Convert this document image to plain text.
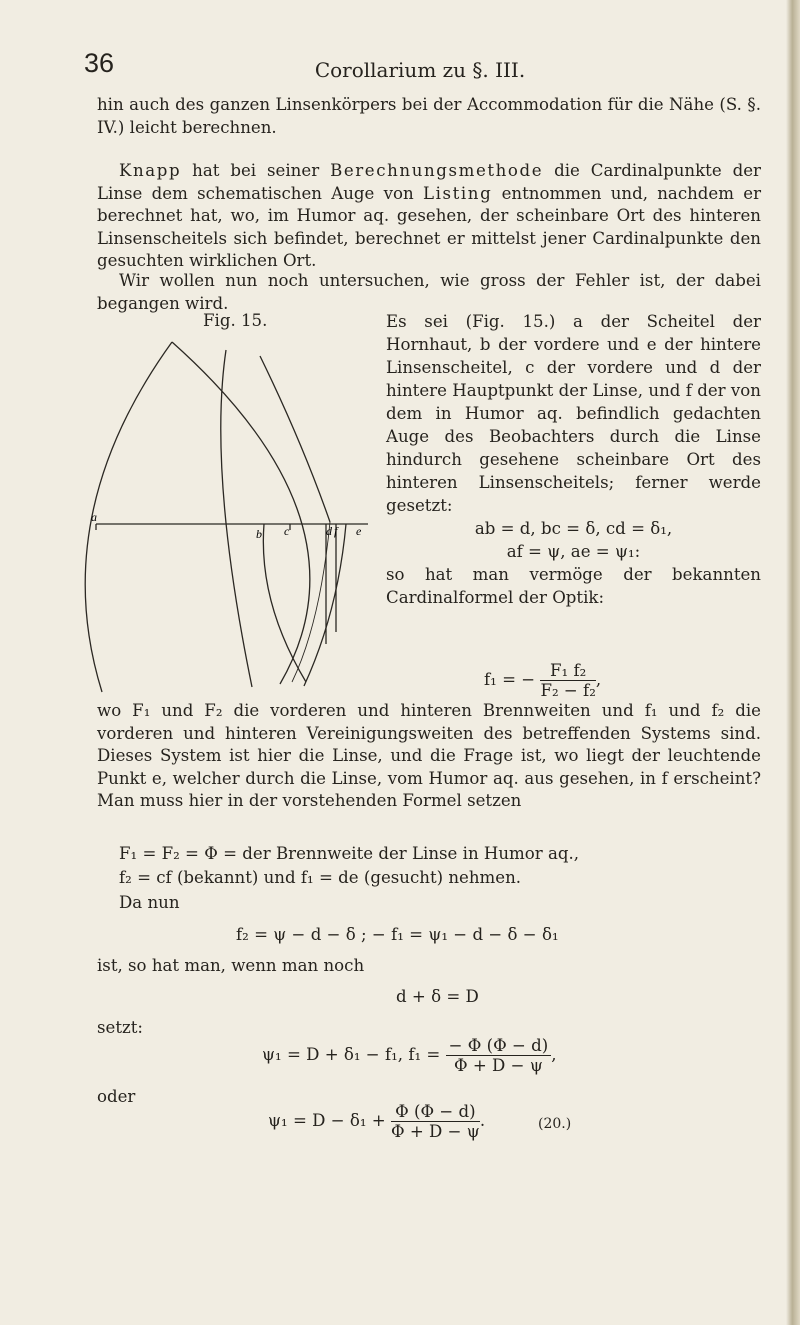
36	Corollarium zu §. III.
hin auch des ganzen Linsenkörpers bei der Accommodation für die Nähe (S. §. IV.) leicht berechnen.
Knapp hat bei seiner Berechnungsmethode die Cardinalpunkte der Linse dem schematischen Auge von Listing entnommen und, nachdem er berechnet hat, wo, im Humor aq. gesehen, der scheinbare Ort des hinteren Linsenscheitels sich befindet, berechnet er mittelst jener Cardinalpunkte den gesuchten wirklichen Ort.
Wir wollen nun noch untersuchen, wie gross der Fehler ist, der dabei begangen wird.
Fig. 15.
a
b c	d f e

Es sei (Fig. 15.) a der Scheitel der Hornhaut, b der vordere und e der hintere Linsenscheitel, c der vordere und d der hintere Hauptpunkt der Linse, und f der von dem in Humor aq. befindlich gedachten Auge des Beobachters durch die Linse hindurch gesehene scheinbare Ort des hinteren Linsenscheitels; ferner werde gesetzt:

ab = d, bc = δ, cd = δ₁,

af = ψ, ae = ψ₁:

so hat man vermöge der bekannten Cardinalformel der Optik:

f₁ = − $\frac{\text{F₁ f₂}}{\text{F₂ − f₂}}$ ,
wo F₁ und F₂ die vorderen und hinteren Brennweiten und f₁ und f₂ die vorderen und hinteren Vereinigungsweiten des betreffenden Systems sind. Dieses System ist hier die Linse, und die Frage ist, wo liegt der leuchtende Punkt e, welcher durch die Linse, vom Humor aq. aus gesehen, in f erscheint? Man muss hier in der vorstehenden Formel setzen
F₁ = F₂ = Φ = der Brennweite der Linse in Humor aq.,
f₂ = cf (bekannt) und f₁ = de (gesucht) nehmen.
Da nun
f₂ = ψ − d − δ ; − f₁ = ψ₁ − d − δ − δ₁
ist, so hat man, wenn man noch
d + δ = D
setzt:
ψ₁ = D + δ₁ − f₁, $f_1 = \frac{- \Phi (\Phi - d)}{\Phi + D - \psi}$ ,
oder
$\psi_1 = D - \delta_1 + \frac{\Phi (\Phi - d)}{\Phi + D - \psi}$ .	(20.)
